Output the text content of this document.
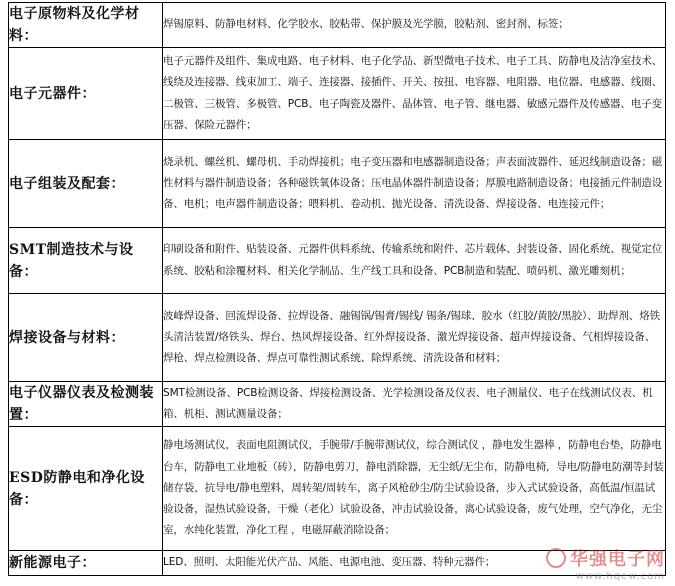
电子原物料及化学材料：	焊锡原料、防静电材料、化学胶水、胶粘带、保护膜及光学膜，胶粘剂、密封剂、标签；
电子元器件：	电子元器件及组件、集成电路、电子材料、电子化学品、新型微电子技术、电子工具、防静电及洁净室技术、线绕及连接器、线束加工、端子、连接器、接插件、开关、按扭、电容器、电阻器、电位器、电感器、线圈、二极管、三极管、多极管、PCB、电子陶瓷及器件、晶体管、电子管、继电器、敏感元器件及传感器、电子变压器、保险元器件；
电子组装及配套：	烧录机、螺丝机、螺母机、手动焊接机；电子变压器和电感器制造设备；声表面波器件、延迟线制造设备；磁性材料与器件制造设备；各种磁铁氧体设备；压电晶体器件制造设备；厚膜电路制造设备；电接插元件制造设备、电机；电声器件制造设备；喂料机、卷动机、抛光设备、清洗设备、焊接设备、电连接元件；
SMT制造技术与设备：	印刷设备和附件、贴装设备、元器件供料系统、传输系统和附件、芯片载体、封装设备、固化系统、视觉定位系统、胶粘和涂覆材料、相关化学制品、生产线工具和设备、PCB制造和装配、喷码机、激光雕刻机；
焊接设备与材料：	波峰焊设备、回流焊设备、拉焊设备、融锡锅/锡膏/锡线/ 锡条/锡球、胶水（红胶/黄胶/黑胶）、助焊剂、烙铁头清洁装置/烙铁头、焊台、热风焊接设备、红外焊接设备、激光焊接设备、超声焊接设备、气相焊接设备、焊枪、焊点检测设备、焊点可靠性测试系统、除焊系统、清洗设备和材料；
电子仪器仪表及检测装置：	SMT检测设备、PCB检测设备、焊接检测设备、光学检测设备及仪表、电子测量仪、电子在线测试仪表、机箱、机柜、测试测量设备；
ESD防静电和净化设备：	静电场测试仪，表面电阻测试仪，手腕带/手腕带测试仪，综合测试仪 ，静电发生器棒 ，防静电台垫，防静电台车，防静电工业地板（砖），防静电剪刀，静电消除器，无尘纸/无尘布，防静电椅，导电/防静电防潮等封装储存袋，抗导电/静电塑料，周转架/周转车，离子风枪砂尘/防尘试验设备，步入式试验设备，高低温/恒温试验设备，湿热试验设备，干燥（老化）试验设备，冲击试验设备，离心试验设备，废气处理，空气净化，无尘室，水纯化装置，净化工程 ，电磁屏蔽消除设备；
新能源电子：	LED、照明、太阳能光伏产品、风能、电源电池、变压器、特种元器件；	华强电子网
www.hqew.com
